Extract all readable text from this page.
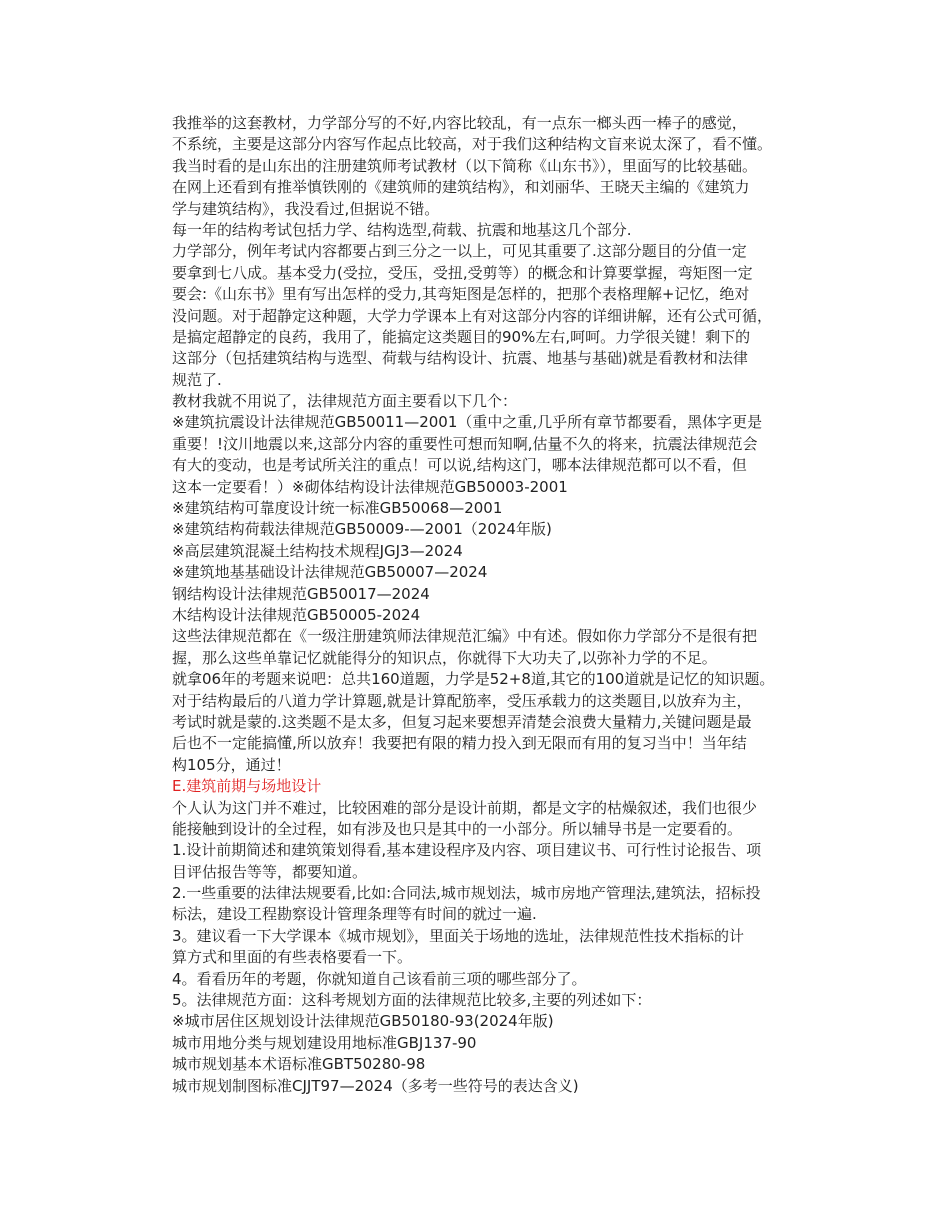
我推举的这套教材，力学部分写的不好,内容比较乱，有一点东一榔头西一棒子的感觉，
不系统，主要是这部分内容写作起点比较高，对于我们这种结构文盲来说太深了，看不懂。
我当时看的是山东出的注册建筑师考试教材（以下简称《山东书》），里面写的比较基础。
在网上还看到有推举慎铁刚的《建筑师的建筑结构》，和刘丽华、王晓天主编的《建筑力
学与建筑结构》，我没看过,但据说不错。
每一年的结构考试包括力学、结构选型,荷载、抗震和地基这几个部分.
力学部分，例年考试内容都要占到三分之一以上，可见其重要了.这部分题目的分值一定
要拿到七八成。基本受力(受拉，受压，受扭,受剪等）的概念和计算要掌握，弯矩图一定
要会:《山东书》里有写出怎样的受力,其弯矩图是怎样的，把那个表格理解+记忆，绝对
没问题。对于超静定这种题，大学力学课本上有对这部分内容的详细讲解，还有公式可循，
是搞定超静定的良药，我用了，能搞定这类题目的90%左右,呵呵。力学很关键！剩下的
这部分（包括建筑结构与选型、荷载与结构设计、抗震、地基与基础)就是看教材和法律
规范了.
教材我就不用说了，法律规范方面主要看以下几个：
※建筑抗震设计法律规范GB50011—2001（重中之重,几乎所有章节都要看，黑体字更是
重要！!汶川地震以来,这部分内容的重要性可想而知啊,估量不久的将来，抗震法律规范会
有大的变动，也是考试所关注的重点！可以说,结构这门，哪本法律规范都可以不看，但
这本一定要看！）※砌体结构设计法律规范GB50003-2001
※建筑结构可靠度设计统一标准GB50068—2001
※建筑结构荷载法律规范GB50009-—2001（2024年版)
※高层建筑混凝土结构技术规程JGJ3—2024
※建筑地基基础设计法律规范GB50007—2024
钢结构设计法律规范GB50017—2024
木结构设计法律规范GB50005-2024
这些法律规范都在《一级注册建筑师法律规范汇编》中有述。假如你力学部分不是很有把
握，那么这些单靠记忆就能得分的知识点，你就得下大功夫了,以弥补力学的不足。
就拿06年的考题来说吧：总共160道题，力学是52+8道,其它的100道就是记忆的知识题。
对于结构最后的八道力学计算题,就是计算配筋率，受压承载力的这类题目,以放弃为主，
考试时就是蒙的.这类题不是太多，但复习起来要想弄清楚会浪费大量精力,关键问题是最
后也不一定能搞懂,所以放弃！我要把有限的精力投入到无限而有用的复习当中！当年结
构105分，通过！
E.建筑前期与场地设计
个人认为这门并不难过，比较困难的部分是设计前期，都是文字的枯燥叙述，我们也很少
能接触到设计的全过程，如有涉及也只是其中的一小部分。所以辅导书是一定要看的。
1.设计前期简述和建筑策划得看,基本建设程序及内容、项目建议书、可行性讨论报告、项
目评估报告等等，都要知道。
2.一些重要的法律法规要看,比如:合同法,城市规划法，城市房地产管理法,建筑法，招标投
标法，建设工程勘察设计管理条理等有时间的就过一遍.
3。建议看一下大学课本《城市规划》，里面关于场地的选址，法律规范性技术指标的计
算方式和里面的有些表格要看一下。
4。看看历年的考题，你就知道自己该看前三项的哪些部分了。
5。法律规范方面：这科考规划方面的法律规范比较多,主要的列述如下：
※城市居住区规划设计法律规范GB50180-93(2024年版)
城市用地分类与规划建设用地标准GBJ137-90
城市规划基本术语标准GBT50280-98
城市规划制图标准CJJT97—2024（多考一些符号的表达含义)
